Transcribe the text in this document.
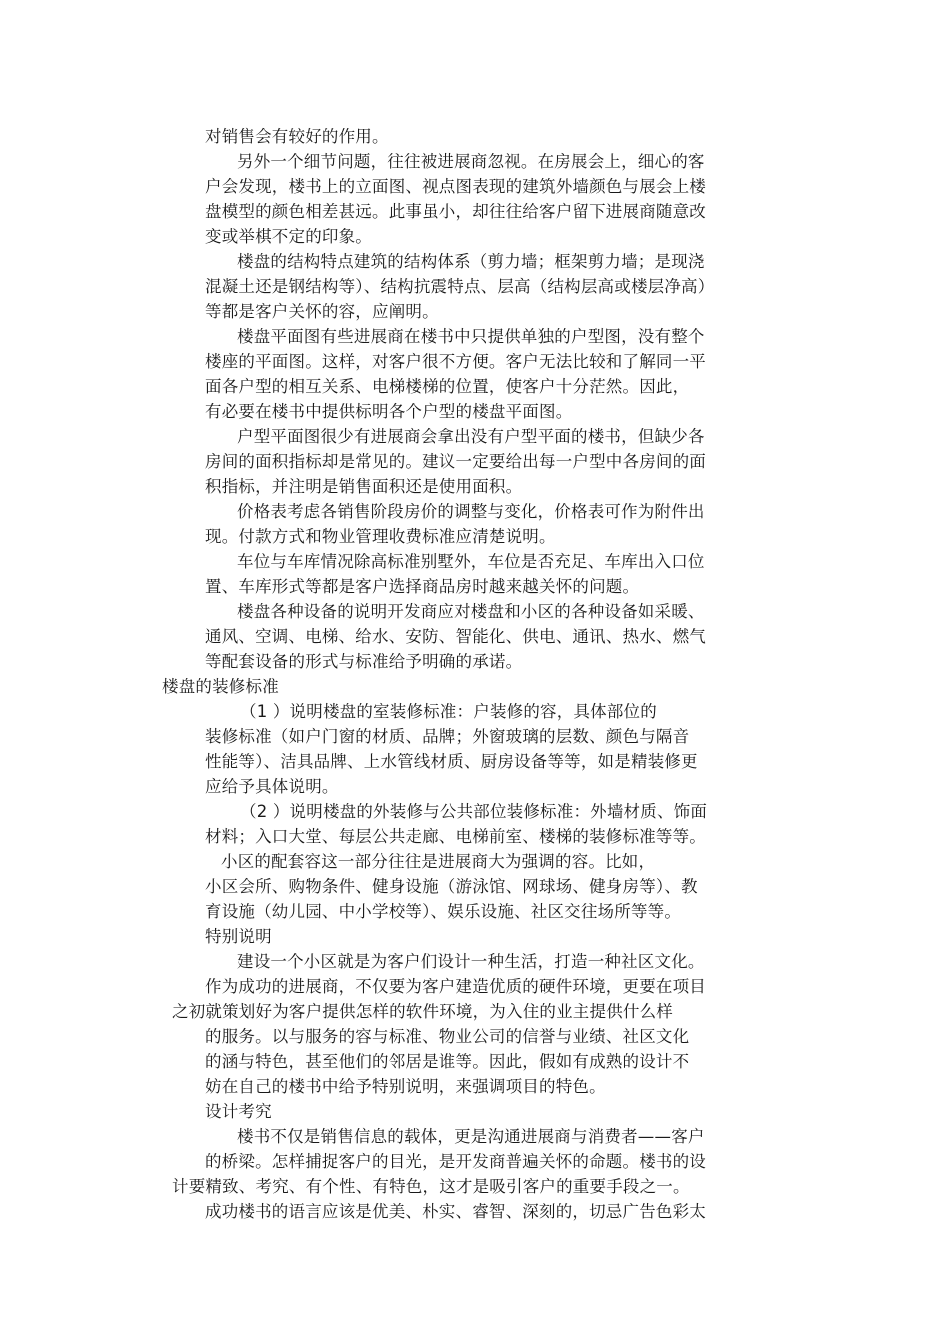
对销售会有较好的作用。
另外一个细节问题，往往被进展商忽视。在房展会上，细心的客
户会发现，楼书上的立面图、视点图表现的建筑外墙颜色与展会上楼
盘模型的颜色相差甚远。此事虽小，却往往给客户留下进展商随意改
变或举棋不定的印象。
楼盘的结构特点建筑的结构体系（剪力墙；框架剪力墙；是现浇
混凝土还是钢结构等）、结构抗震特点、层高（结构层高或楼层净高）
等都是客户关怀的容，应阐明。
楼盘平面图有些进展商在楼书中只提供单独的户型图，没有整个
楼座的平面图。这样，对客户很不方便。客户无法比较和了解同一平
面各户型的相互关系、电梯楼梯的位置，使客户十分茫然。因此，
有必要在楼书中提供标明各个户型的楼盘平面图。
户型平面图很少有进展商会拿出没有户型平面的楼书，但缺少各
房间的面积指标却是常见的。建议一定要给出每一户型中各房间的面
积指标，并注明是销售面积还是使用面积。
价格表考虑各销售阶段房价的调整与变化，价格表可作为附件出
现。付款方式和物业管理收费标准应清楚说明。
车位与车库情况除高标准别墅外，车位是否充足、车库出入口位
置、车库形式等都是客户选择商品房时越来越关怀的问题。
楼盘各种设备的说明开发商应对楼盘和小区的各种设备如采暖、
通风、空调、电梯、给水、安防、智能化、供电、通讯、热水、燃气
等配套设备的形式与标准给予明确的承诺。
楼盘的装修标准
（1 ）说明楼盘的室装修标准：户装修的容，具体部位的
装修标准（如户门窗的材质、品牌；外窗玻璃的层数、颜色与隔音
性能等）、洁具品牌、上水管线材质、厨房设备等等，如是精装修更
应给予具体说明。
（2 ）说明楼盘的外装修与公共部位装修标准：外墙材质、饰面
材料；入口大堂、每层公共走廊、电梯前室、楼梯的装修标准等等。
小区的配套容这一部分往往是进展商大为强调的容。比如，
小区会所、购物条件、健身设施（游泳馆、网球场、健身房等）、教
育设施（幼儿园、中小学校等）、娱乐设施、社区交往场所等等。
特别说明
建设一个小区就是为客户们设计一种生活，打造一种社区文化。
作为成功的进展商，不仅要为客户建造优质的硬件环境，更要在项目
之初就策划好为客户提供怎样的软件环境，为入住的业主提供什么样
的服务。以与服务的容与标准、物业公司的信誉与业绩、社区文化
的涵与特色，甚至他们的邻居是谁等。因此，假如有成熟的设计不
妨在自己的楼书中给予特别说明，来强调项目的特色。
设计考究
楼书不仅是销售信息的载体，更是沟通进展商与消费者——客户
的桥梁。怎样捕捉客户的目光，是开发商普遍关怀的命题。楼书的设
计要精致、考究、有个性、有特色，这才是吸引客户的重要手段之一。
成功楼书的语言应该是优美、朴实、睿智、深刻的，切忌广告色彩太
